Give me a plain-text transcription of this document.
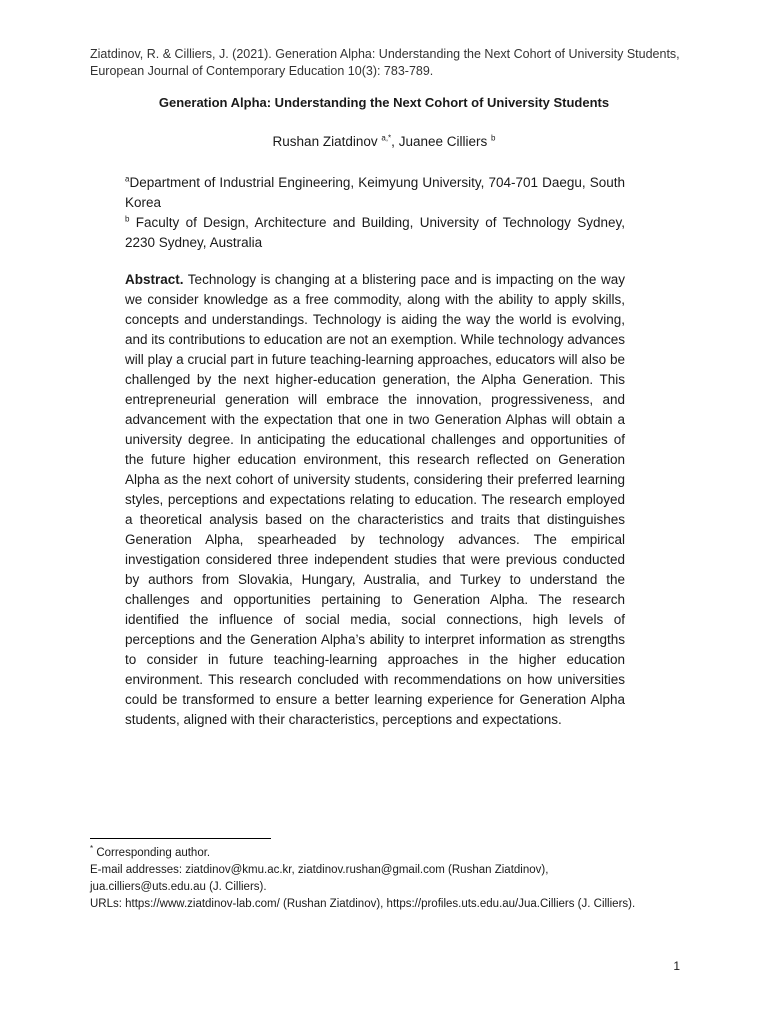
Ziatdinov, R. & Cilliers, J. (2021). Generation Alpha: Understanding the Next Cohort of University Students, European Journal of Contemporary Education 10(3): 783-789.
Generation Alpha: Understanding the Next Cohort of University Students
Rushan Ziatdinov $^{a,*}$, Juanee Cilliers $^b$

$^a$Department of Industrial Engineering, Keimyung University, 704-701 Daegu, South Korea

$^b$ Faculty of Design, Architecture and Building, University of Technology Sydney, 2230 Sydney, Australia

Abstract. Technology is changing at a blistering pace and is impacting on the way we consider knowledge as a free commodity, along with the ability to apply skills, concepts and understandings. Technology is aiding the way the world is evolving, and its contributions to education are not an exemption. While technology advances will play a crucial part in future teaching-learning approaches, educators will also be challenged by the next higher-education generation, the Alpha Generation. This entrepreneurial generation will embrace the innovation, progressiveness, and advancement with the expectation that one in two Generation Alphas will obtain a university degree. In anticipating the educational challenges and opportunities of the future higher education environment, this research reflected on Generation Alpha as the next cohort of university students, considering their preferred learning styles, perceptions and expectations relating to education. The research employed a theoretical analysis based on the characteristics and traits that distinguishes Generation Alpha, spearheaded by technology advances. The empirical investigation considered three independent studies that were previous conducted by authors from Slovakia, Hungary, Australia, and Turkey to understand the challenges and opportunities pertaining to Generation Alpha. The research identified the influence of social media, social connections, high levels of perceptions and the Generation Alpha’s ability to interpret information as strengths to consider in future teaching-learning approaches in the higher education environment. This research concluded with recommendations on how universities could be transformed to ensure a better learning experience for Generation Alpha students, aligned with their characteristics, perceptions and expectations.

* Corresponding author.

E-mail addresses: ziatdinov@kmu.ac.kr, ziatdinov.rushan@gmail.com (Rushan Ziatdinov), jua.cilliers@uts.edu.au (J. Cilliers).

URLs: https://www.ziatdinov-lab.com/ (Rushan Ziatdinov), https://profiles.uts.edu.au/Jua.Cilliers (J. Cilliers).

1
